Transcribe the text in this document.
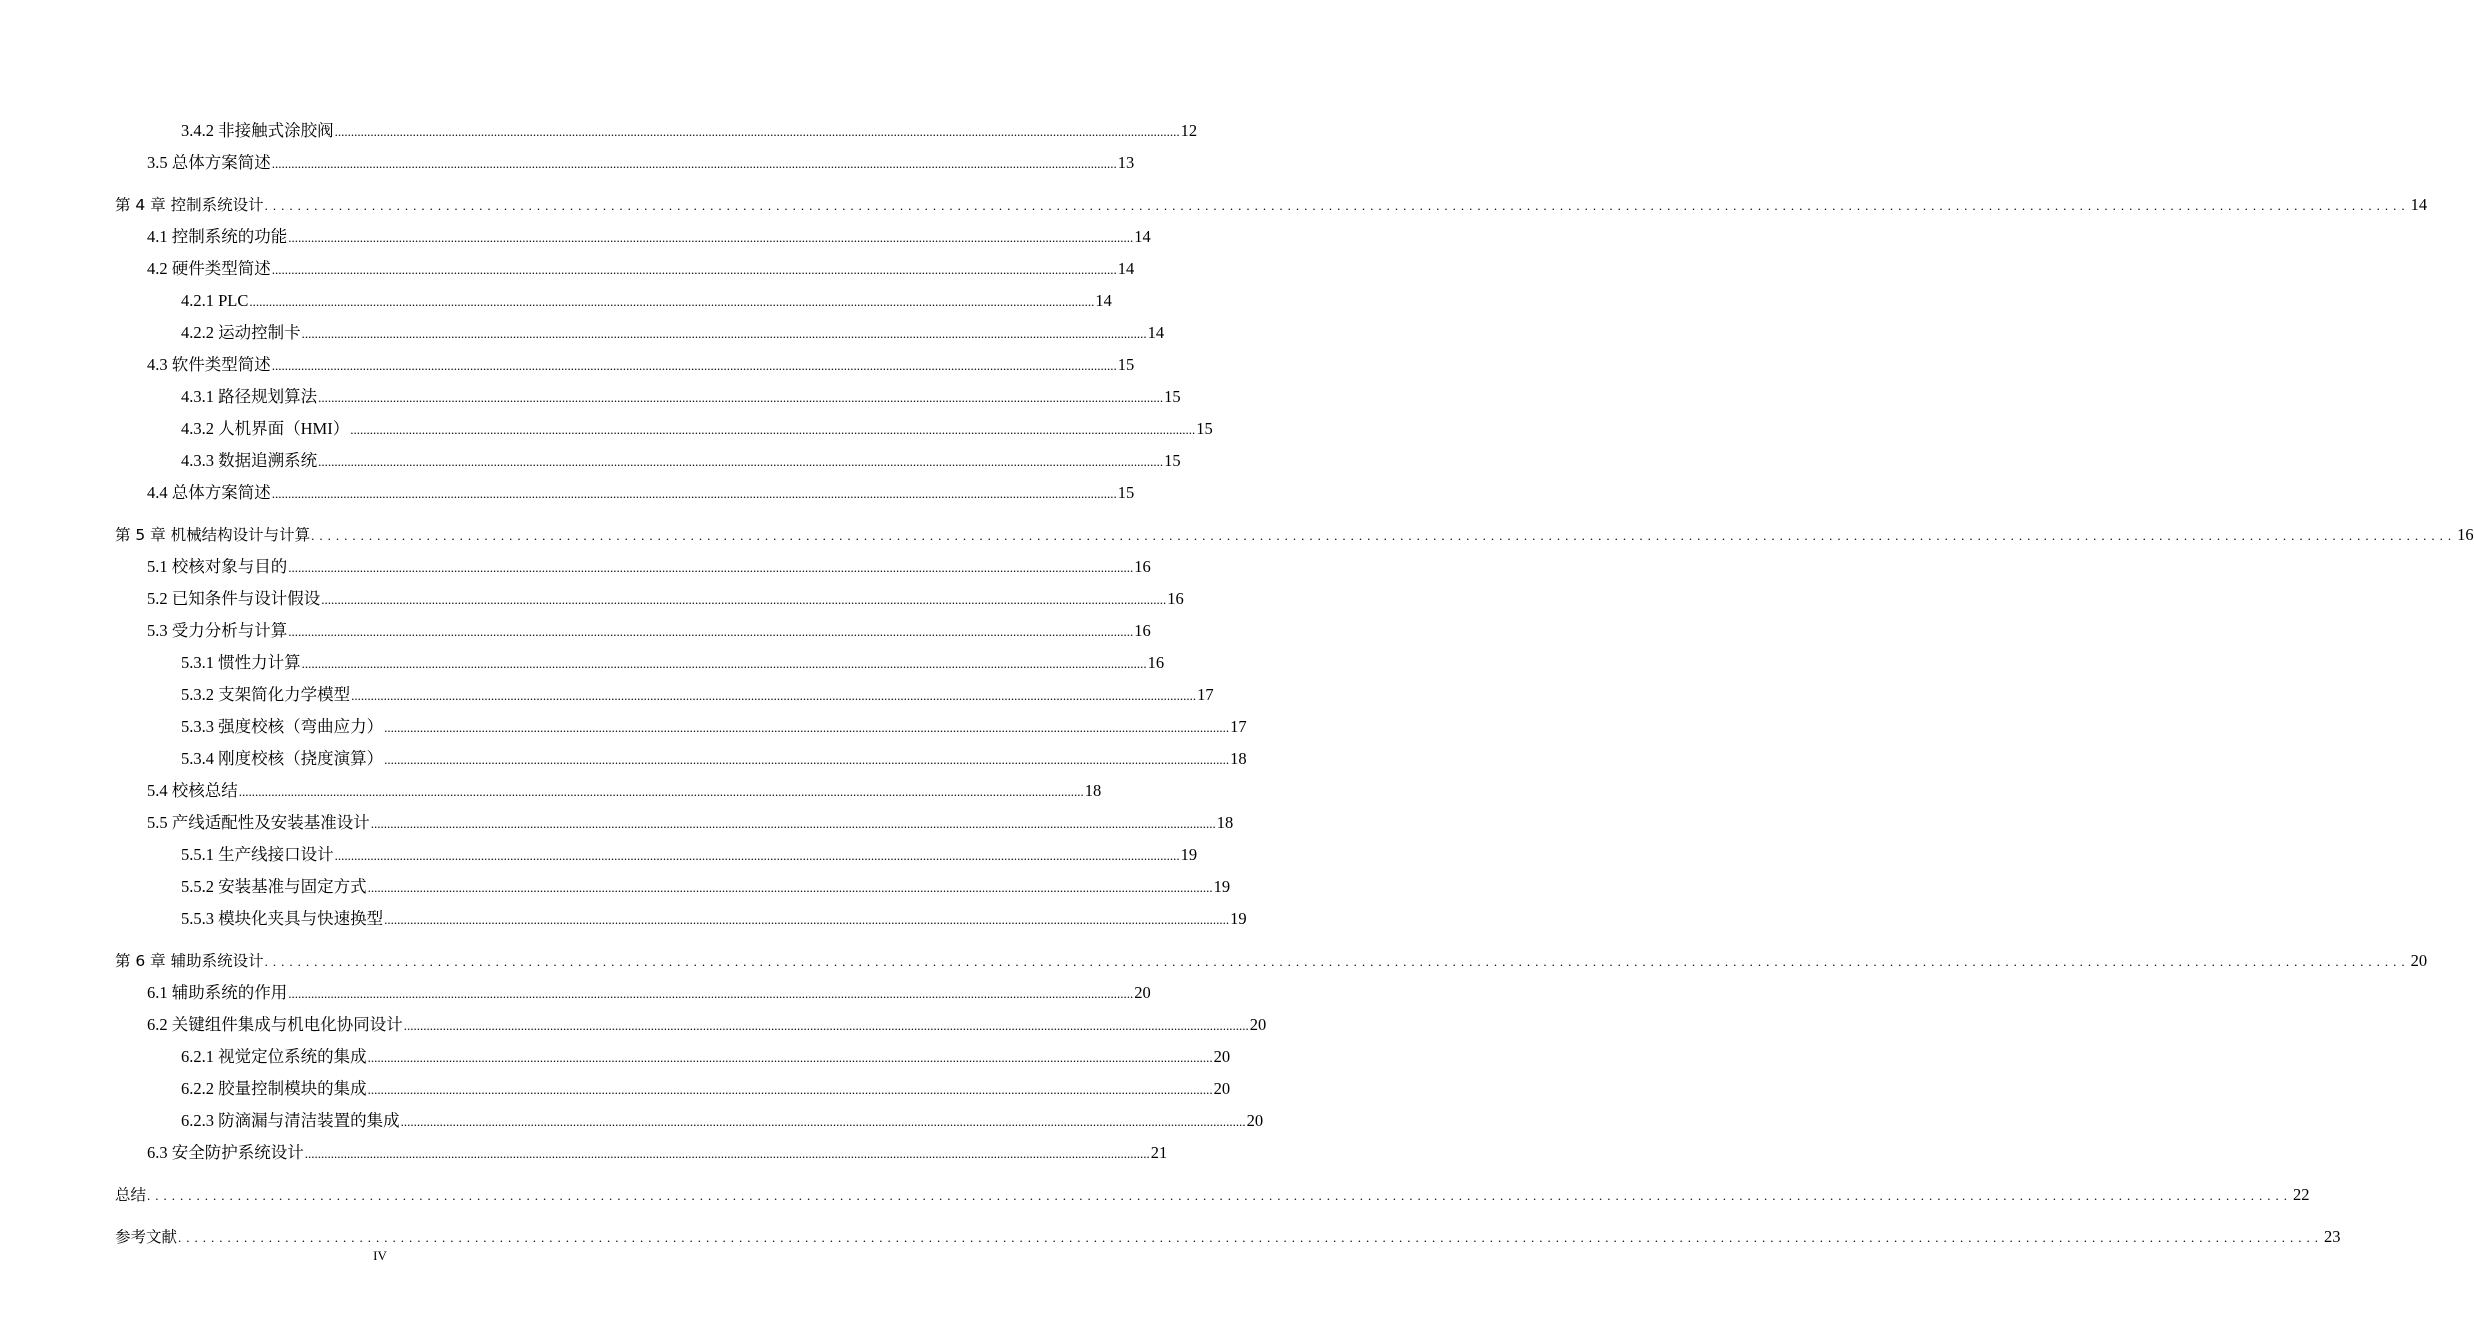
3.4.2 非接触式涂胶阀 .................................................................................................................................................................................................................................................................... 12
3.5 总体方案简述 .................................................................................................................................................................................................................................................................... 13
第 4 章 控制系统设计 .................................................................................................................................................................................................................................................................... 14
4.1 控制系统的功能 .................................................................................................................................................................................................................................................................... 14
4.2 硬件类型简述 .................................................................................................................................................................................................................................................................... 14
4.2.1 PLC .................................................................................................................................................................................................................................................................... 14
4.2.2 运动控制卡 .................................................................................................................................................................................................................................................................... 14
4.3 软件类型简述 .................................................................................................................................................................................................................................................................... 15
4.3.1 路径规划算法 .................................................................................................................................................................................................................................................................... 15
4.3.2 人机界面（HMI） .................................................................................................................................................................................................................................................................... 15
4.3.3 数据追溯系统 .................................................................................................................................................................................................................................................................... 15
4.4 总体方案简述 .................................................................................................................................................................................................................................................................... 15
第 5 章 机械结构设计与计算 .................................................................................................................................................................................................................................................................... 16
5.1 校核对象与目的 .................................................................................................................................................................................................................................................................... 16
5.2 已知条件与设计假设 .................................................................................................................................................................................................................................................................... 16
5.3 受力分析与计算 .................................................................................................................................................................................................................................................................... 16
5.3.1 惯性力计算 .................................................................................................................................................................................................................................................................... 16
5.3.2 支架简化力学模型 .................................................................................................................................................................................................................................................................... 17
5.3.3 强度校核（弯曲应力） .................................................................................................................................................................................................................................................................... 17
5.3.4 刚度校核（挠度演算） .................................................................................................................................................................................................................................................................... 18
5.4 校核总结 .................................................................................................................................................................................................................................................................... 18
5.5 产线适配性及安装基准设计 .................................................................................................................................................................................................................................................................... 18
5.5.1 生产线接口设计 .................................................................................................................................................................................................................................................................... 19
5.5.2 安装基准与固定方式 .................................................................................................................................................................................................................................................................... 19
5.5.3 模块化夹具与快速换型 .................................................................................................................................................................................................................................................................... 19
第 6 章 辅助系统设计 .................................................................................................................................................................................................................................................................... 20
6.1 辅助系统的作用 .................................................................................................................................................................................................................................................................... 20
6.2 关键组件集成与机电化协同设计 .................................................................................................................................................................................................................................................................... 20
6.2.1 视觉定位系统的集成 .................................................................................................................................................................................................................................................................... 20
6.2.2 胶量控制模块的集成 .................................................................................................................................................................................................................................................................... 20
6.2.3 防滴漏与清洁装置的集成 .................................................................................................................................................................................................................................................................... 20
6.3 安全防护系统设计 .................................................................................................................................................................................................................................................................... 21
总结 .................................................................................................................................................................................................................................................................... 22
参考文献 .................................................................................................................................................................................................................................................................... 23
IV
